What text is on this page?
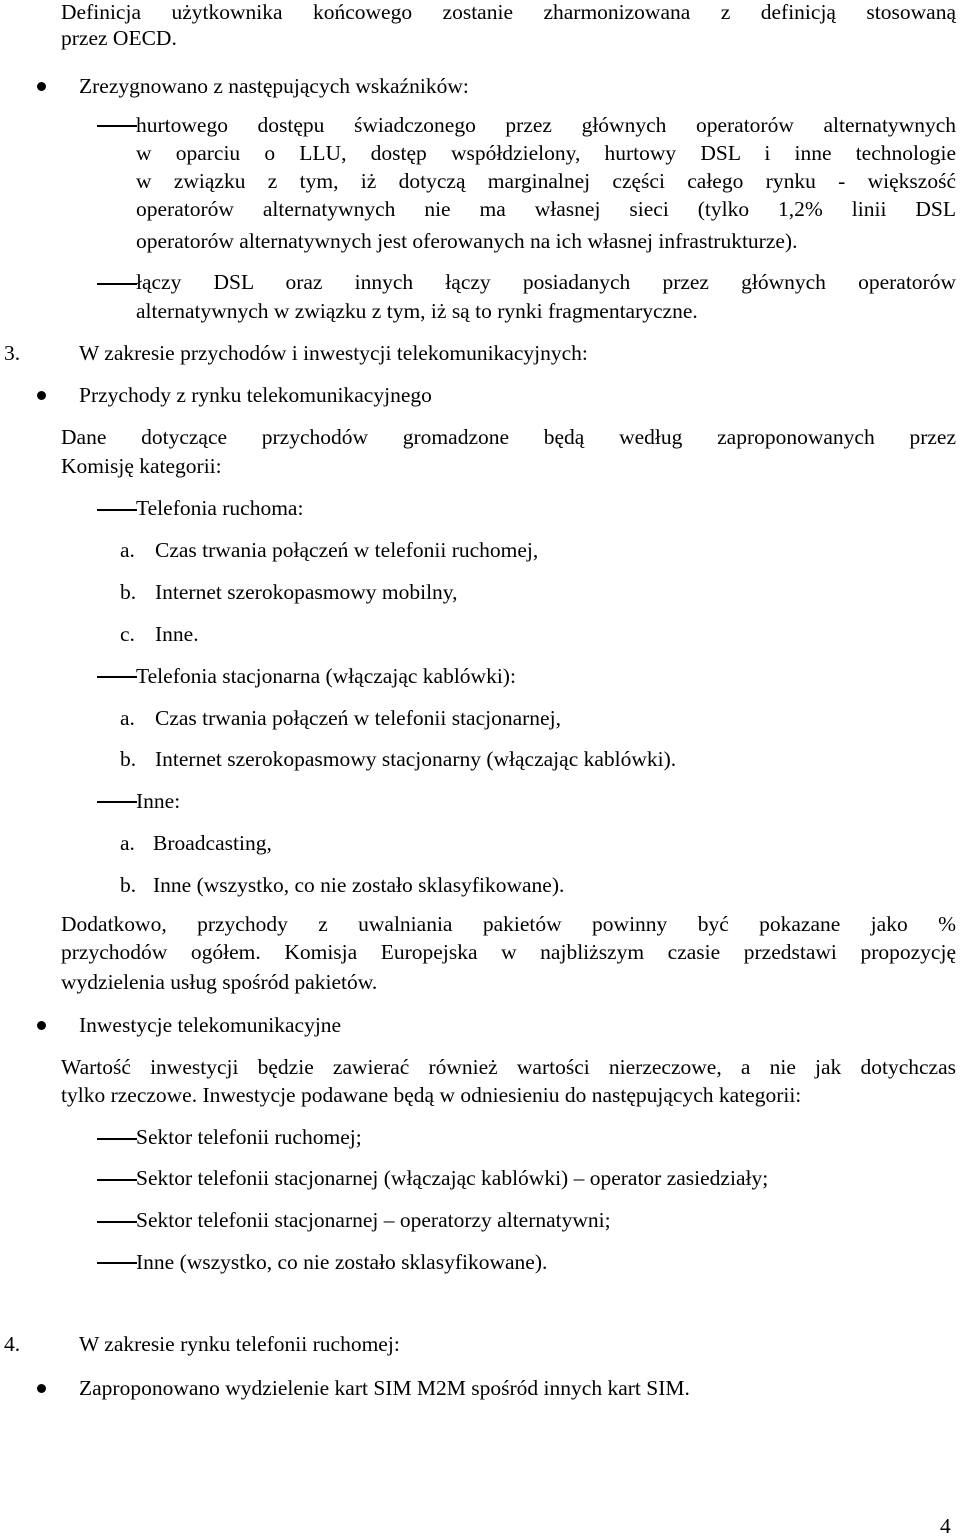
Definicja użytkownika końcowego zostanie zharmonizowana z definicją stosowaną
przez OECD.
Zrezygnowano z następujących wskaźników:
hurtowego dostępu świadczonego przez głównych operatorów alternatywnych
w oparciu o LLU, dostęp współdzielony, hurtowy DSL i inne technologie
w związku z tym, iż dotyczą marginalnej części całego rynku - większość
operatorów alternatywnych nie ma własnej sieci (tylko 1,2% linii DSL
operatorów alternatywnych jest oferowanych na ich własnej infrastrukturze).
łączy DSL oraz innych łączy posiadanych przez głównych operatorów
alternatywnych w związku z tym, iż są to rynki fragmentaryczne.
3.	W zakresie przychodów i inwestycji telekomunikacyjnych:
Przychody z rynku telekomunikacyjnego
Dane dotyczące przychodów gromadzone będą według zaproponowanych przez
Komisję kategorii:
Telefonia ruchoma:
a. Czas trwania połączeń w telefonii ruchomej,
b. Internet szerokopasmowy mobilny,
c. Inne.
Telefonia stacjonarna (włączając kablówki):
a. Czas trwania połączeń w telefonii stacjonarnej,
b. Internet szerokopasmowy stacjonarny (włączając kablówki).
Inne:
a. Broadcasting,
b. Inne (wszystko, co nie zostało sklasyfikowane).
Dodatkowo, przychody z uwalniania pakietów powinny być pokazane jako %
przychodów ogółem. Komisja Europejska w najbliższym czasie przedstawi propozycję
wydzielenia usług spośród pakietów.
Inwestycje telekomunikacyjne
Wartość inwestycji będzie zawierać również wartości nierzeczowe, a nie jak dotychczas
tylko rzeczowe. Inwestycje podawane będą w odniesieniu do następujących kategorii:
Sektor telefonii ruchomej;
Sektor telefonii stacjonarnej (włączając kablówki) – operator zasiedziały;
Sektor telefonii stacjonarnej – operatorzy alternatywni;
Inne (wszystko, co nie zostało sklasyfikowane).
4.	W zakresie rynku telefonii ruchomej:
Zaproponowano wydzielenie kart SIM M2M spośród innych kart SIM.
4
